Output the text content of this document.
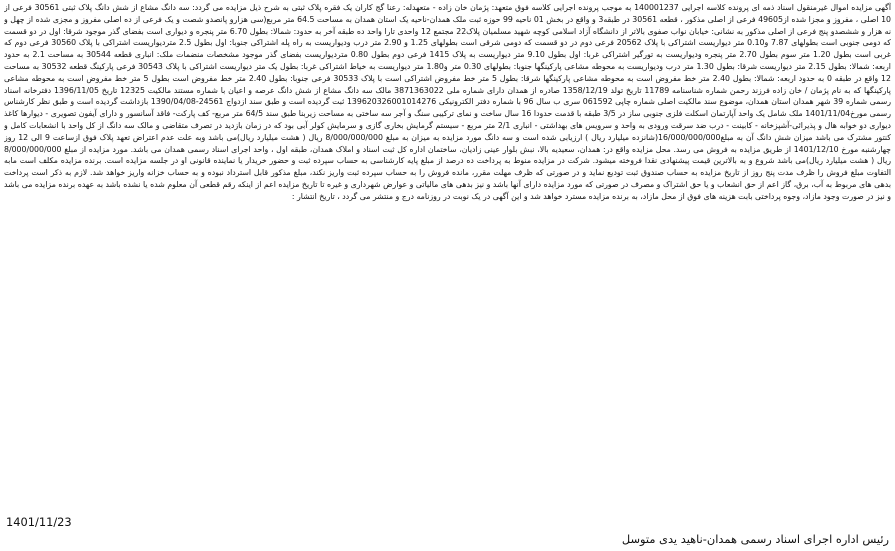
آگهی مزایده اموال غیرمنقول اسناد ذمه ای پرونده کلاسه اجرایی 140001237 به موجب پرونده اجرایی کلاسه فوق متعهد: پژمان خان زاده - متعهدله: رعنا گج کاران یک فقره پلاک ثبتی به شرح ذیل مزایده می گردد: سه دانگ مشاع از شش دانگ پلاک ثبتی 30561 فرعی از 10 اصلی ، مفروز و مجزا شده از49605 فرعی از اصلی مذکور ، قطعه 30561 در طبقه3 و واقع در بخش 01 ناحیه 99 حوزه ثبت ملک همدان-ناحیه یک استان همدان به مساحت 64.5 متر مربع(سی هزارو پانصدو شصت و یک فرعی از ده اصلی مفروز و مجزی شده از چهل و نه هزار و ششصدو پنج فرعی از اصلی مذکور به نشانی: خیابان نواب صفوی بالاتر از دانشگاه آزاد اسلامی کوچه شهید مسلمیان پلاک22 مجتمع 12 واحدی تارا واحد ده طبقه آخر به حدود: شمالا: بطول 6.70 متر پنجره و دیواری است بفضای گذر موجود شرقا: اول در دو قسمت که دومی جنوبی است بطولهای 7.87 و0.10 متر دیواریست اشتراکی با پلاک 20562 فرعی دوم در دو قسمت که دومی شرقی است بطولهای 1.25 و 2.90 متر درب ودیواریست به راه پله اشتراکی جنوبا: اول بطول 2.5 متردیواریست اشتراکی با پلاک 30560 فرعی دوم که غربی است بطول 1.20 متر سوم بطول 2.70 متر پنجره ودیواریست به تورگیر اشتراکی غربا: اول بطول 9.10 متر دیواریست به پلاک 1415 فرعی دوم بطول 0.80 متردیواریست بفضای گذر موجود مشخصات منضمات ملک: انباری قطعه 30544 به مساحت 2.1 به حدود اربعه: شمالا: بطول 2.15 متر دیواریست شرقا: بطول 1.30 متر درب ودیواریست به محوطه مشاعی پارکینگها جنوبا: بطولهای 0.30 متر و1.80 متر دیواریست به خیاط اشتراکی غربا: بطول یک متر دیواریست اشتراکی با پلاک 30543 فرعی پارکینگ قطعه 30532 به مساحت 12 واقع در طبقه 0 به حدود اربعه: شمالا: بطول 2.40 متر خط مفروض است به محوطه مشاعی پارکینگها شرقا: بطول 5 متر خط مفروض اشتراکی است با پلاک 30533 فرعی جنوبا: بطول 2.40 متر خط مفروض است بطول 5 متر خط مفروض است به محوطه مشاعی پارکینگها که به نام پژمان / خان زاده فرزند رحمن شماره شناسنامه 11789 تاریخ تولد 1358/12/19 صادره از همدان دارای شماره ملی 3871363022 مالک سه دانگ مشاع از شش دانگ عرصه و اعیان با شماره مستند مالکیت 12325 تاریخ 1396/11/05 دفترخانه اسناد رسمی شماره 39 شهر همدان استان همدان، موضوع سند مالکیت اصلی شماره چاپی 061592 سری ب سال 96 با شماره دفتر الکترونیکی 139620326001014276 ثبت گردیده است و طبق سند ازدواج 24561-1390/04/08 بازداشت گردیده است و طبق نظر کارشناس رسمی مورخ1401/11/04 ملک شامل یک واحد آپارتمان اسکلت فلزی جنوبی ساز در 3/5 طبقه با قدمت حدودا 16 سال ساخت و نمای ترکیبی سنگ و آجر سه ساختی به مساحت زیربنا طبق سند 64/5 متر مربع- کف پارکت- فاقد آسانسور و دارای آیفون تصویری - دیوارها کاغذ دیواری دو خوابه هال و پذیرائی-آشپزخانه - کابینت - درب ضد سرقت ورودی به واحد و سرویس های بهداشتی - انباری 2/1 متر مربع - سیستم گرمایش بخاری گازی و سرمایش کولر آبی بود که در زمان بازدید در تصرف متقاضی و مالک سه دانگ از کل واحد با انشعابات کامل و کنتور مشترک می باشد میزان شش دانگ آن به مبلغ16/000/000/000(شانزده میلیارد ریال ) ارزیابی شده است و سه دانگ مورد مزایده به میزان به مبلغ 8/000/000/000 ریال ( هشت میلیارد ریال)می باشد وبه علت عدم اعتراض تعهد پلاک فوق ازساعت 9 الی 12 روز چهارشنبه مورخ 1401/12/10 از طریق مزایده به فروش می رسد. محل مزایده واقع در: همدان، سعیدیه بالا، نبش بلوار عینی زادیان، ساختمان اداره کل ثبت اسناد و املاک همدان، طبقه اول ، واحد اجرای اسناد رسمی همدان می باشد. مورد مزایده از مبلغ 8/000/000/000 ریال ( هشت میلیارد ریال)می باشد شروع و به بالاترین قیمت پیشنهادی نقدا فروخته میشود. شرکت در مزایده منوط به پرداخت ده درصد از مبلغ پایه کارشناسی به حساب سپرده ثبت و حضور خریدار یا نماینده قانونی او در جلسه مزایده است. برنده مزایده مکلف است مابه التفاوت مبلغ فروش را ظرف مدت پنج روز از تاریخ مزایده به حساب صندوق ثبت تودیع نماید و در صورتی که ظرف مهلت مقرر، مانده فروش را به حساب سپرده ثبت واریز نکند، مبلغ مذکور قابل استرداد نبوده و به حساب خزانه واریز خواهد شد. لازم به ذکر است پرداخت بدهی های مربوط به آب، برق، گاز اعم از حق انشعاب و یا حق اشتراک و مصرف در صورتی که مورد مزایده دارای آنها باشد و نیز بدهی های مالیاتی و عوارض شهرداری و غیره تا تاریخ مزایده اعم از اینکه رقم قطعی آن معلوم شده یا نشده باشد به عهده برنده مزایده می باشد و نیز در صورت وجود مازاد، وجوه پرداختی بابت هزینه های فوق از محل مازاد، به برنده مزایده مسترد خواهد شد و اين آگهی در یک نوبت در روزنامه درج و منتشر می گردد ، تاریخ انتشار :

1401/11/23
رئیس اداره اجرای اسناد رسمی همدان-ناهید یدی متوسل
